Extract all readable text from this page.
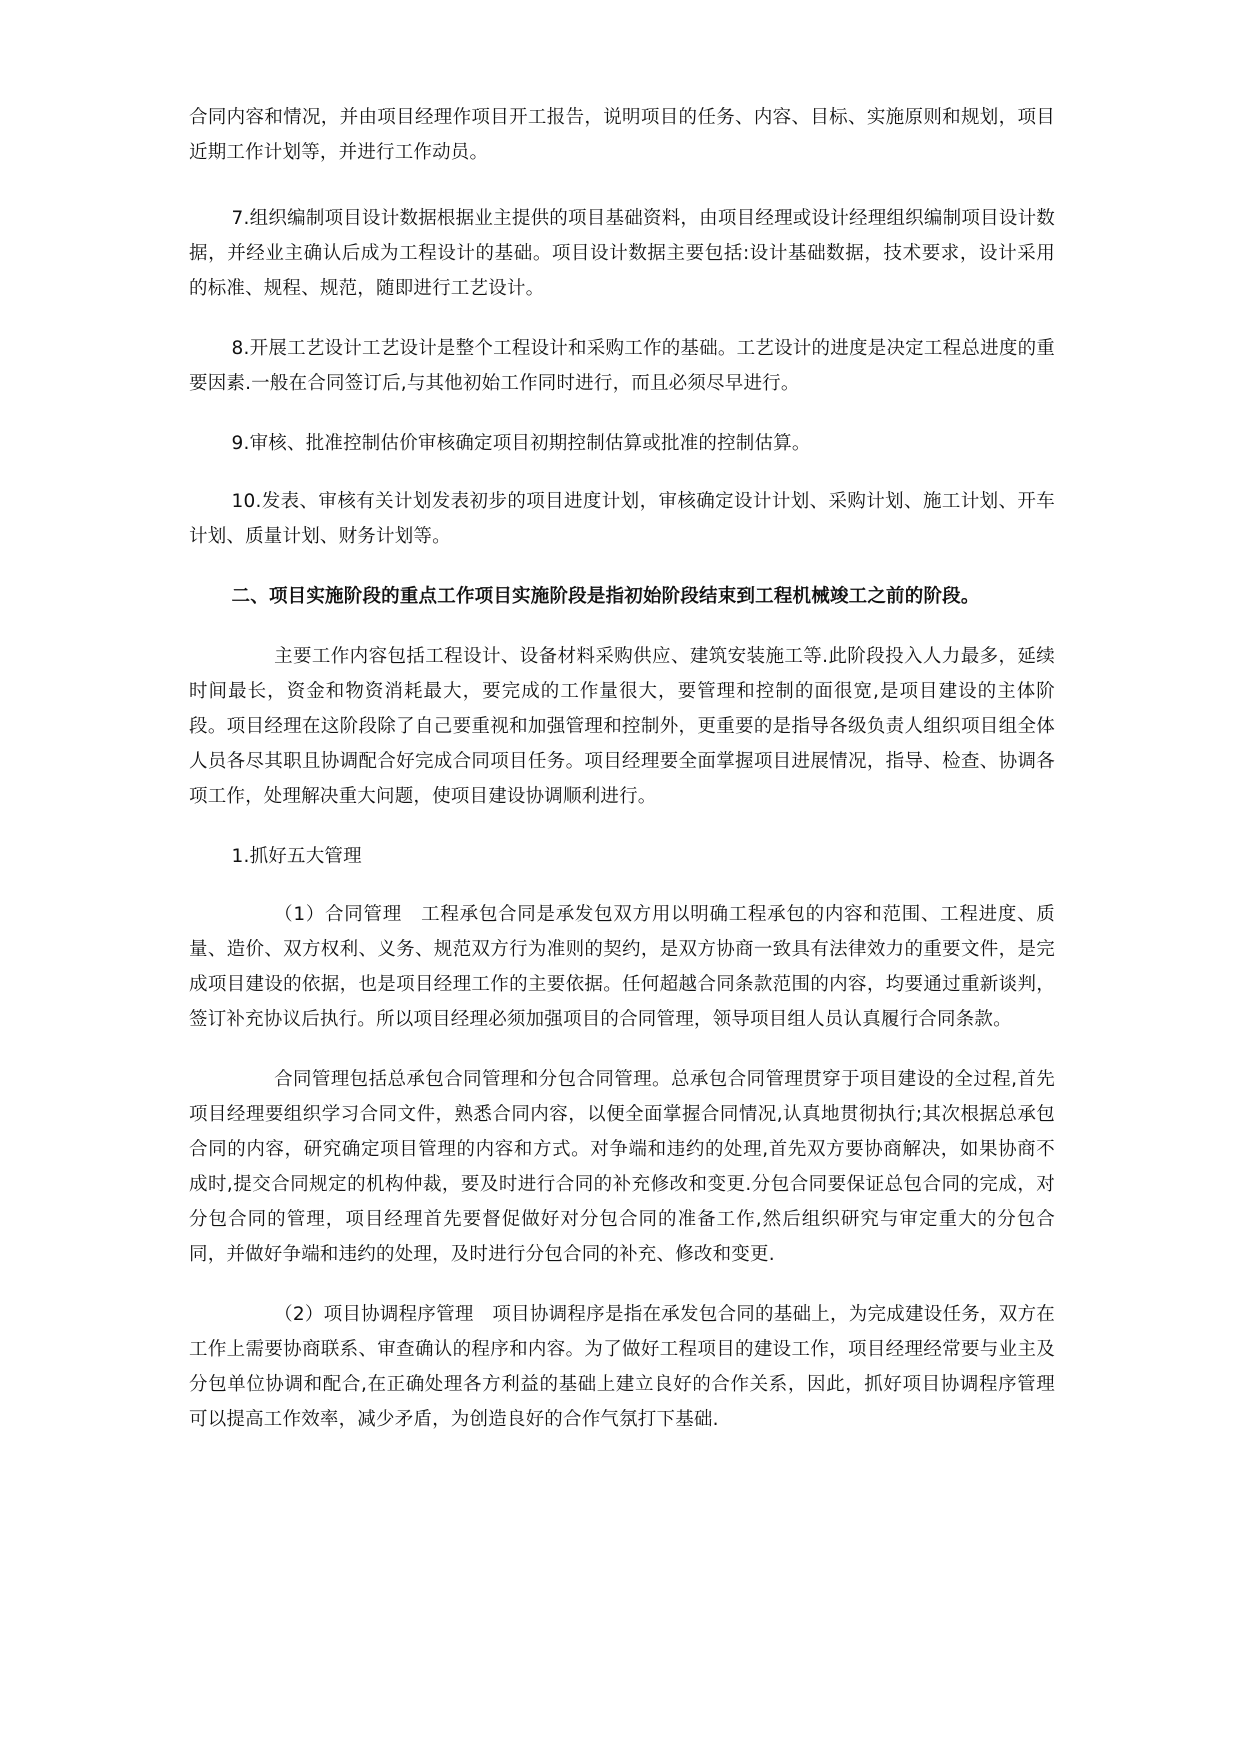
合同内容和情况，并由项目经理作项目开工报告，说明项目的任务、内容、目标、实施原则和规划，项目近期工作计划等，并进行工作动员。

7.组织编制项目设计数据根据业主提供的项目基础资料，由项目经理或设计经理组织编制项目设计数据，并经业主确认后成为工程设计的基础。项目设计数据主要包括:设计基础数据，技术要求，设计采用的标准、规程、规范，随即进行工艺设计。

8.开展工艺设计工艺设计是整个工程设计和采购工作的基础。工艺设计的进度是决定工程总进度的重要因素.一般在合同签订后,与其他初始工作同时进行，而且必须尽早进行。

9.审核、批准控制估价审核确定项目初期控制估算或批准的控制估算。

10.发表、审核有关计划发表初步的项目进度计划，审核确定设计计划、采购计划、施工计划、开车计划、质量计划、财务计划等。

二、项目实施阶段的重点工作项目实施阶段是指初始阶段结束到工程机械竣工之前的阶段。

主要工作内容包括工程设计、设备材料采购供应、建筑安装施工等.此阶段投入人力最多，延续时间最长，资金和物资消耗最大，要完成的工作量很大，要管理和控制的面很宽,是项目建设的主体阶段。项目经理在这阶段除了自己要重视和加强管理和控制外，更重要的是指导各级负责人组织项目组全体人员各尽其职且协调配合好完成合同项目任务。项目经理要全面掌握项目进展情况，指导、检查、协调各项工作，处理解决重大问题，使项目建设协调顺利进行。

1.抓好五大管理

（1）合同管理　工程承包合同是承发包双方用以明确工程承包的内容和范围、工程进度、质量、造价、双方权利、义务、规范双方行为准则的契约，是双方协商一致具有法律效力的重要文件，是完成项目建设的依据，也是项目经理工作的主要依据。任何超越合同条款范围的内容，均要通过重新谈判，签订补充协议后执行。所以项目经理必须加强项目的合同管理，领导项目组人员认真履行合同条款。

合同管理包括总承包合同管理和分包合同管理。总承包合同管理贯穿于项目建设的全过程,首先项目经理要组织学习合同文件，熟悉合同内容，以便全面掌握合同情况,认真地贯彻执行;其次根据总承包合同的内容，研究确定项目管理的内容和方式。对争端和违约的处理,首先双方要协商解决，如果协商不成时,提交合同规定的机构仲裁，要及时进行合同的补充修改和变更.分包合同要保证总包合同的完成，对分包合同的管理，项目经理首先要督促做好对分包合同的准备工作,然后组织研究与审定重大的分包合同，并做好争端和违约的处理，及时进行分包合同的补充、修改和变更.

（2）项目协调程序管理　项目协调程序是指在承发包合同的基础上，为完成建设任务，双方在工作上需要协商联系、审查确认的程序和内容。为了做好工程项目的建设工作，项目经理经常要与业主及分包单位协调和配合,在正确处理各方利益的基础上建立良好的合作关系，因此，抓好项目协调程序管理可以提高工作效率，减少矛盾，为创造良好的合作气氛打下基础.
